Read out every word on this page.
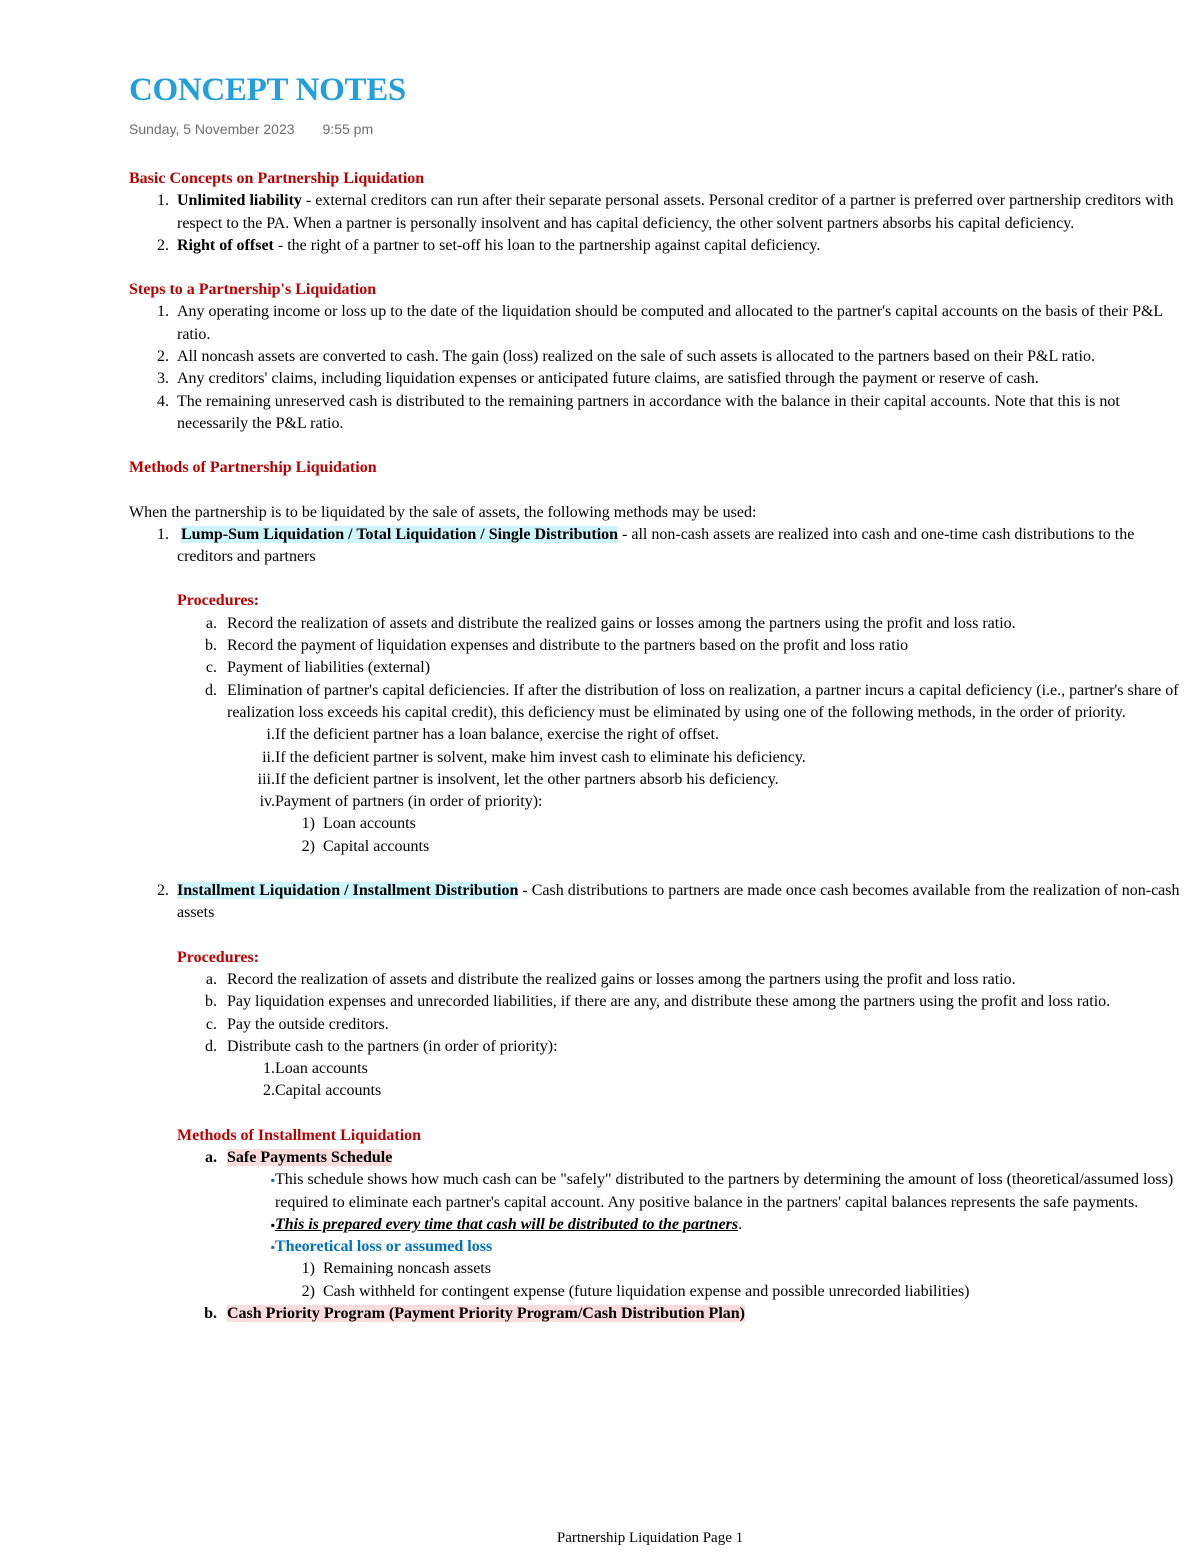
CONCEPT NOTES
Sunday, 5 November 2023 9:55 pm
Basic Concepts on Partnership Liquidation
1. Unlimited liability - external creditors can run after their separate personal assets. Personal creditor of a partner is preferred over partnership creditors with respect to the PA. When a partner is personally insolvent and has capital deficiency, the other solvent partners absorbs his capital deficiency.
2. Right of offset - the right of a partner to set-off his loan to the partnership against capital deficiency.
Steps to a Partnership's Liquidation
1. Any operating income or loss up to the date of the liquidation should be computed and allocated to the partner's capital accounts on the basis of their P&L ratio.
2. All noncash assets are converted to cash. The gain (loss) realized on the sale of such assets is allocated to the partners based on their P&L ratio.
3. Any creditors' claims, including liquidation expenses or anticipated future claims, are satisfied through the payment or reserve of cash.
4. The remaining unreserved cash is distributed to the remaining partners in accordance with the balance in their capital accounts. Note that this is not necessarily the P&L ratio.
Methods of Partnership Liquidation
When the partnership is to be liquidated by the sale of assets, the following methods may be used:
1. Lump-Sum Liquidation / Total Liquidation / Single Distribution - all non-cash assets are realized into cash and one-time cash distributions to the creditors and partners
Procedures:
a. Record the realization of assets and distribute the realized gains or losses among the partners using the profit and loss ratio.
b. Record the payment of liquidation expenses and distribute to the partners based on the profit and loss ratio
c. Payment of liabilities (external)
d. Elimination of partner's capital deficiencies. If after the distribution of loss on realization, a partner incurs a capital deficiency (i.e., partner's share of realization loss exceeds his capital credit), this deficiency must be eliminated by using one of the following methods, in the order of priority.
i. If the deficient partner has a loan balance, exercise the right of offset.
ii. If the deficient partner is solvent, make him invest cash to eliminate his deficiency.
iii. If the deficient partner is insolvent, let the other partners absorb his deficiency.
iv. Payment of partners (in order of priority):
1) Loan accounts
2) Capital accounts
2. Installment Liquidation / Installment Distribution - Cash distributions to partners are made once cash becomes available from the realization of non-cash assets
Procedures:
a. Record the realization of assets and distribute the realized gains or losses among the partners using the profit and loss ratio.
b. Pay liquidation expenses and unrecorded liabilities, if there are any, and distribute these among the partners using the profit and loss ratio.
c. Pay the outside creditors.
d. Distribute cash to the partners (in order of priority):
1. Loan accounts
2. Capital accounts
Methods of Installment Liquidation
a. Safe Payments Schedule
▪ This schedule shows how much cash can be "safely" distributed to the partners by determining the amount of loss (theoretical/assumed loss) required to eliminate each partner's capital account. Any positive balance in the partners' capital balances represents the safe payments.
▪ This is prepared every time that cash will be distributed to the partners.
▪ Theoretical loss or assumed loss
1) Remaining noncash assets
2) Cash withheld for contingent expense (future liquidation expense and possible unrecorded liabilities)
b. Cash Priority Program (Payment Priority Program/Cash Distribution Plan)
Partnership Liquidation Page 1
